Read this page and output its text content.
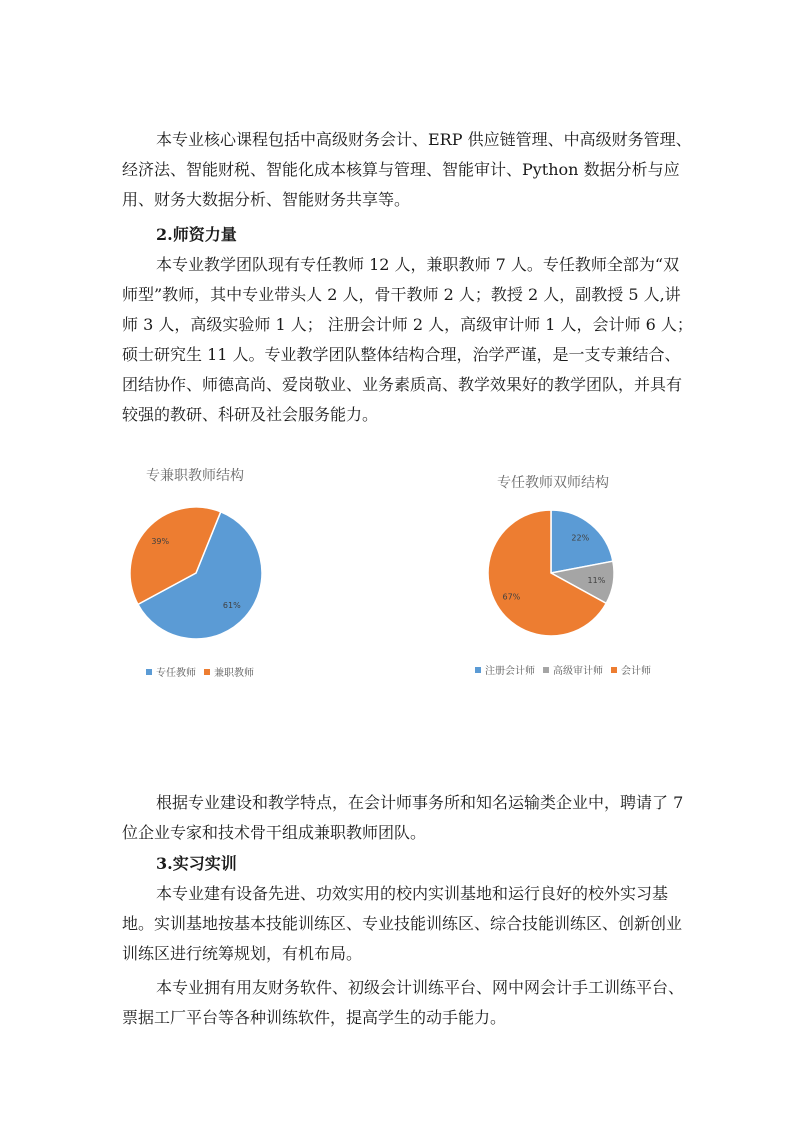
本专业核心课程包括中高级财务会计、ERP 供应链管理、中高级财务管理、
经济法、智能财税、智能化成本核算与管理、智能审计、Python 数据分析与应
用、财务大数据分析、智能财务共享等。
2.师资力量
本专业教学团队现有专任教师 12 人，兼职教师 7 人。专任教师全部为“双
师型”教师，其中专业带头人 2 人，骨干教师 2 人；教授 2 人，副教授 5 人,讲
师 3 人，高级实验师 1 人； 注册会计师 2 人，高级审计师 1 人，会计师 6 人；
硕士研究生 11 人。专业教学团队整体结构合理，治学严谨，是一支专兼结合、
团结协作、师德高尚、爱岗敬业、业务素质高、教学效果好的教学团队，并具有
较强的教研、科研及社会服务能力。
专兼职教师结构
61%
39%
专任教师 兼职教师
专任教师双师结构
22%
11%
67%
注册会计师 高级审计师 会计师
根据专业建设和教学特点，在会计师事务所和知名运输类企业中，聘请了 7
位企业专家和技术骨干组成兼职教师团队。
3.实习实训
本专业建有设备先进、功效实用的校内实训基地和运行良好的校外实习基
地。实训基地按基本技能训练区、专业技能训练区、综合技能训练区、创新创业
训练区进行统筹规划，有机布局。
本专业拥有用友财务软件、初级会计训练平台、网中网会计手工训练平台、
票据工厂平台等各种训练软件，提高学生的动手能力。
